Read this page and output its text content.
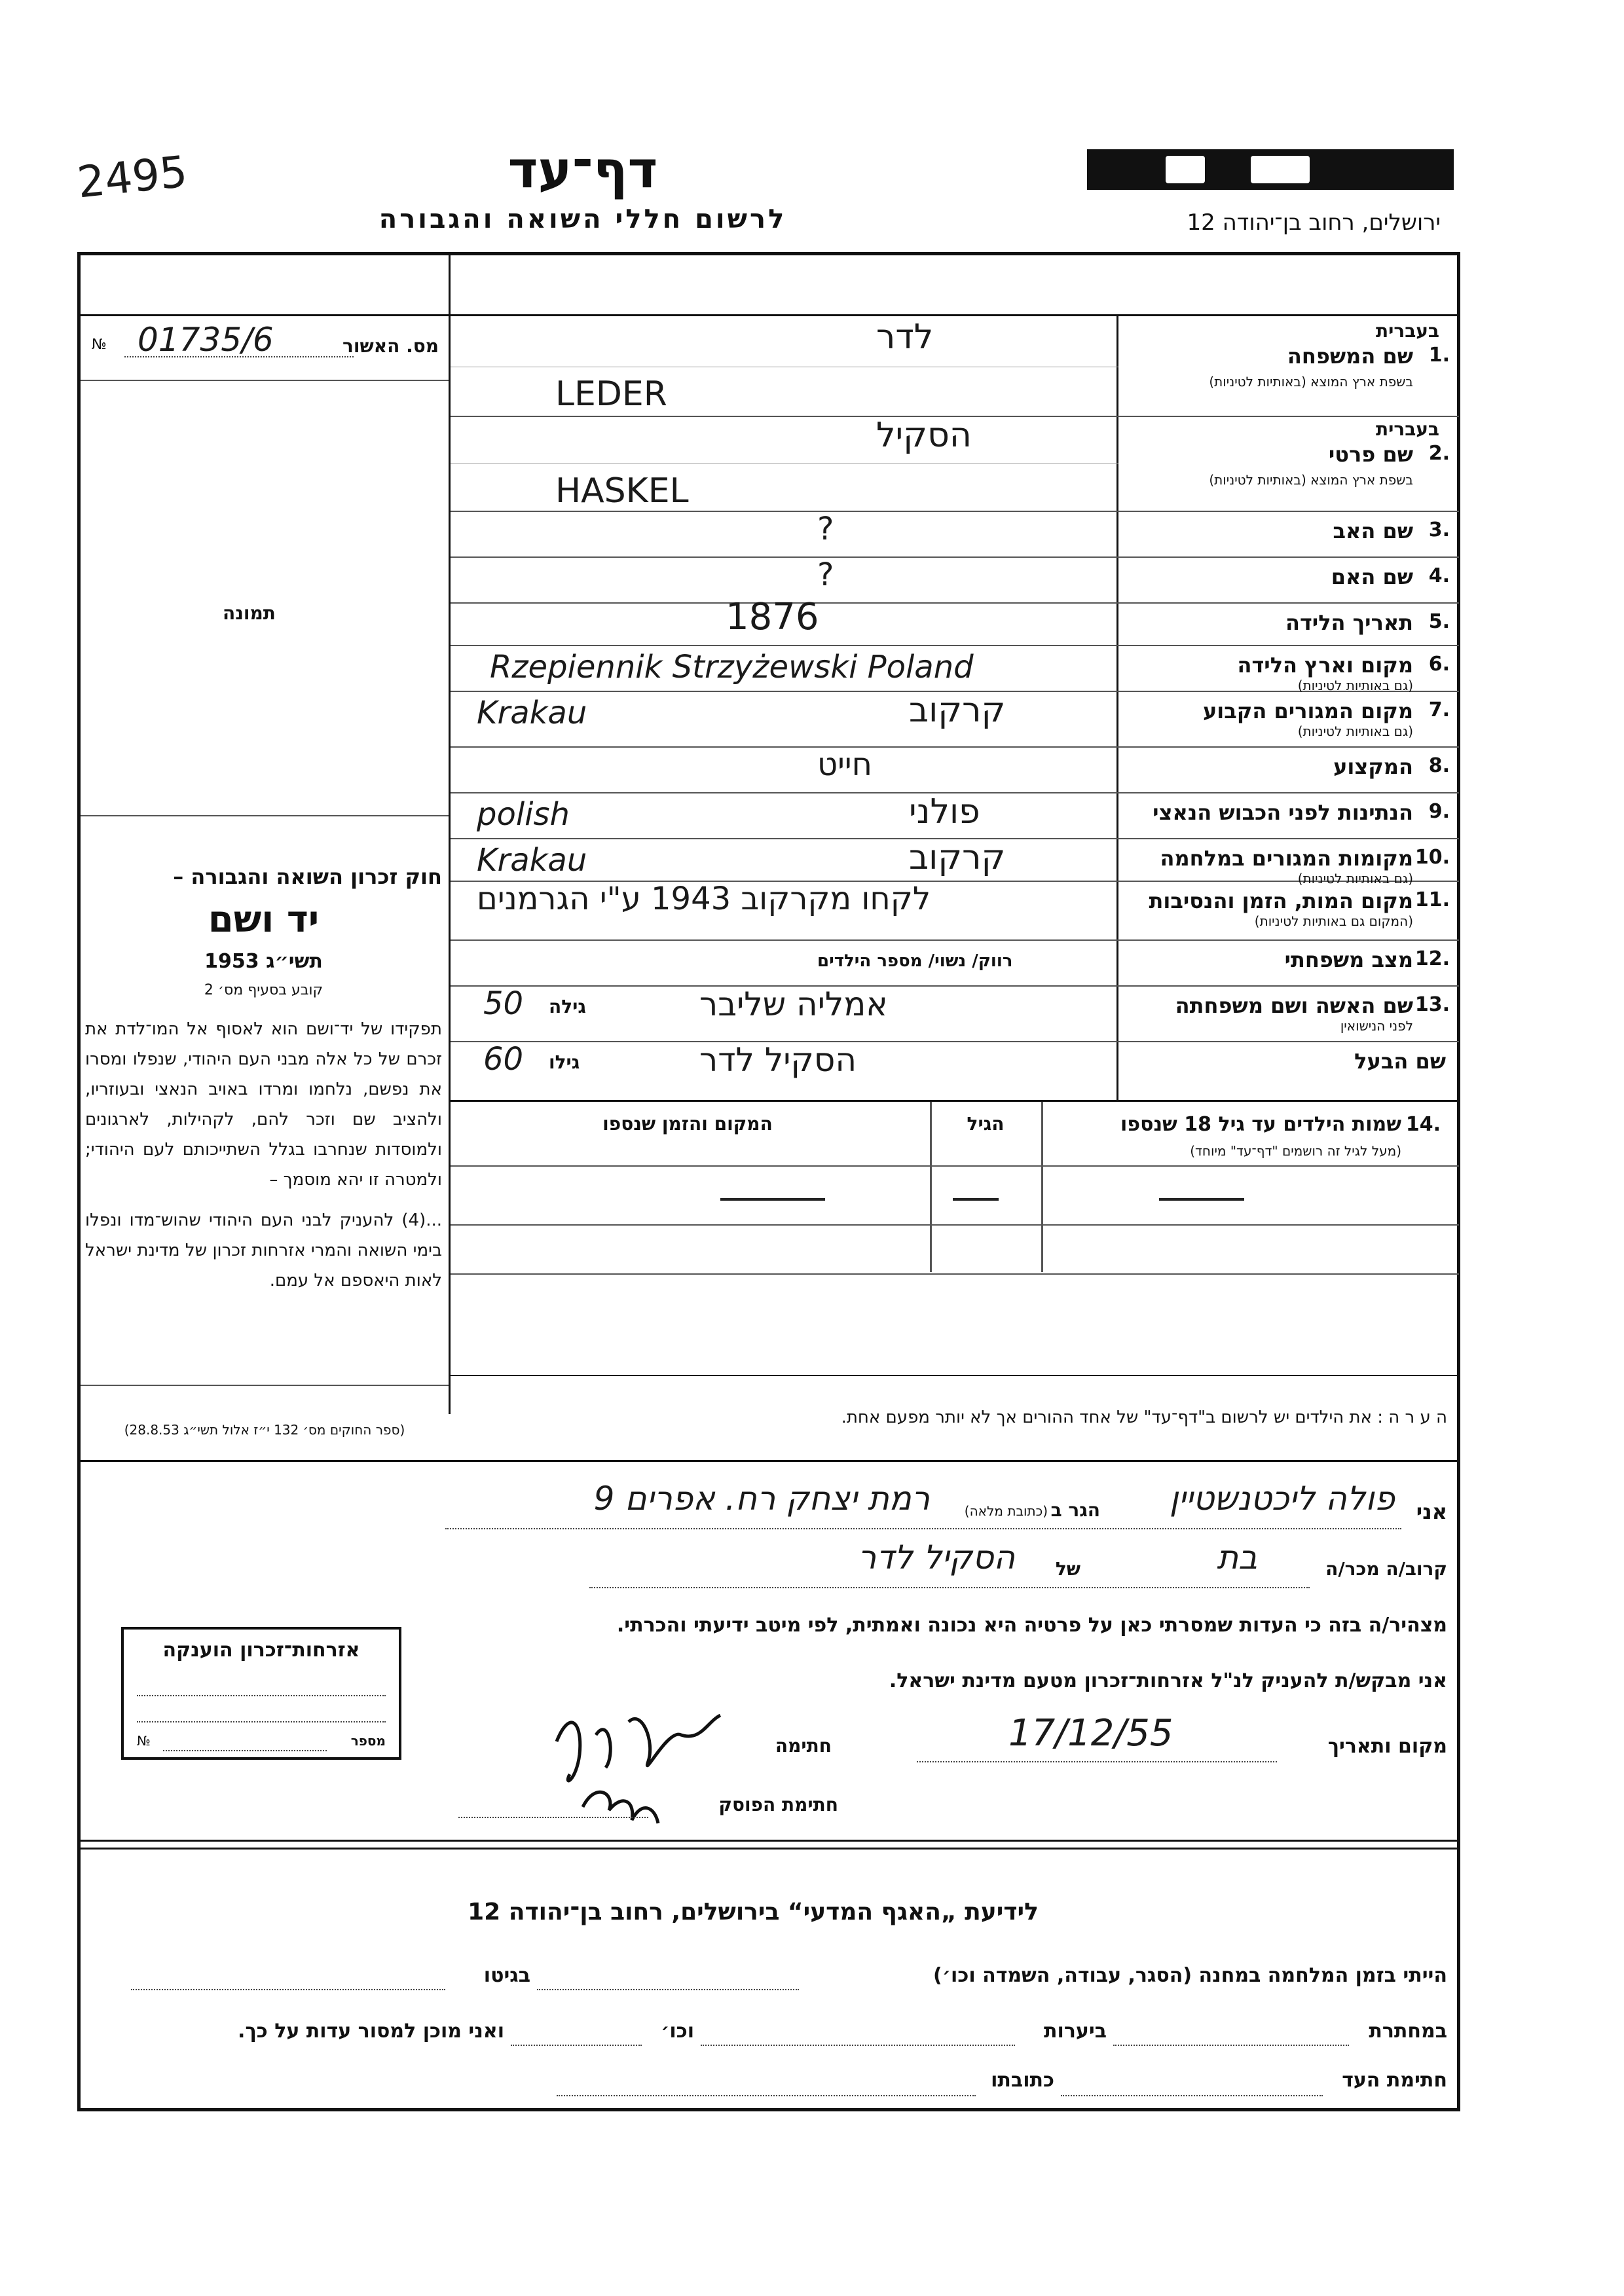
2495	דף־עד
לרשום חללי השואה והגבורה	ירושלים, רחוב בן־יהודה 12
מס. האשור
01735/6
№
תמונה
חוק זכרון השואה והגבורה –
יד ושם
תשי״ג 1953
קובע בסעיף מס׳ 2
תפקידו של יד־ושם הוא לאסוף אל המו־לדת את זכרם של כל אלה מבני העם היהודי, שנפלו ומסרו את נפשם, נלחמו ומרדו באויב הנאצי ובעוזריו, ולהציב שם וזכר להם, לקהילות, לארגונים ולמוסדות שנחרבו בגלל השתייכותם לעם היהודי; ולמטרה זו יהא מוסמך –
...(4) להעניק לבני העם היהודי שהוש־מדו ונפלו בימי השואה והמרי אזרחות זכרון של מדינת ישראל לאות היאספם אל עמם.
(ספר החוקים מס׳ 132 י״ז אלול תשי״ג 28.8.53)
1.
בעברית
שם המשפחה
בשפת ארץ המוצא (באותיות לטיניות)
לדר
LEDER
2.
בעברית
שם פרטי
בשפת ארץ המוצא (באותיות לטיניות)
הסקיל
HASKEL
3.
שם האב
?
4.
שם האם
?
5.
תאריך הלידה
1876
6.
מקום וארץ הלידה
(גם באותיות לטיניות)
Rzepiennik Strzyżewski Poland
7.
מקום המגורים הקבוע
(גם באותיות לטיניות)
קרקוב
Krakau
8.
המקצוע
חייט
9.
הנתינות לפני הכבוש הנאצי
פולני
polish
10.
מקומות המגורים במלחמה
(גם באותיות לטיניות)
קרקוב
Krakau
11.
מקום המות, הזמן והנסיבות
(המקום גם באותיות לטיניות)
לקחו מקרקוב 1943 ע"י הגרמנים
12.
מצב משפחתי
רווק/ נשוי/ מספר הילדים
13.
שם האשה ושם משפחתה
לפני הנישואין
אמליה שליבר
גילה
50
שם הבעל
הסקיל לדר
גילו
60
14.
שמות הילדים עד גיל 18 שנספו
(מעל לגיל זה רושמים "דף־עד" מיוחד)
הגיל
המקום והזמן שנספו
ה ע ר ה : את הילדים יש לרשום ב"דף־עד" של אחד ההורים אך לא יותר מפעם אחת.
אני
פולה ליכטנשטיין
הגר ב
(כתובת מלאה)
רמת יצחק רח. אפרים 9
קרוב/ה מכר/ה
בת
של
הסקיל לדר
מצהיר/ה בזה כי העדות שמסרתי כאן על פרטיה היא נכונה ואמתית, לפי מיטב ידיעתי והכרתי.
אני מבקש/ת להעניק לנ"ל אזרחות־זכרון מטעם מדינת ישראל.
מקום ותאריך
17/12/55
חתימה
חתימת הפוסק
אזרחות־זכרון הוענקה
מספר
№
לידיעת „האגף המדעי“ בירושלים, רחוב בן־יהודה 12
הייתי בזמן המלחמה במחנה (הסגר, עבודה, השמדה וכו׳)
בגיטו
במחתרת
ביערות
וכו׳
ואני מוכן למסור עדות על כך.
חתימת העד
כתובתו
